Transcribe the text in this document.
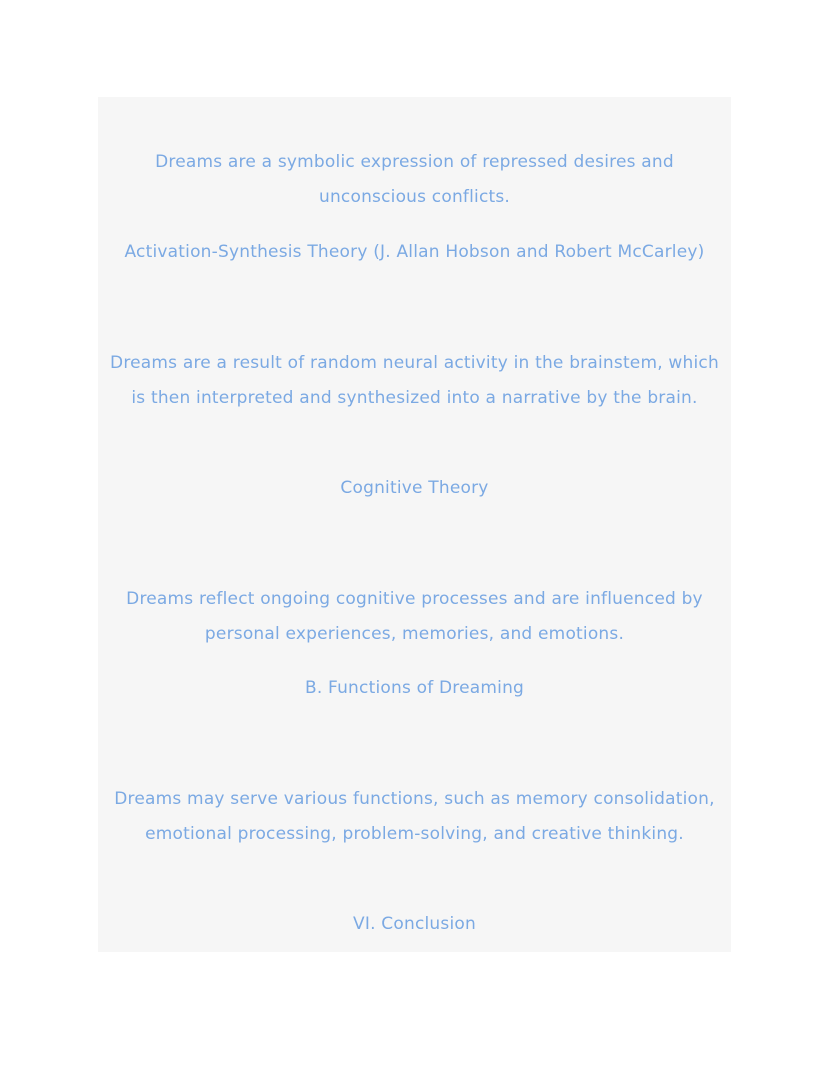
Dreams are a symbolic expression of repressed desires and unconscious conflicts.

Activation-Synthesis Theory (J. Allan Hobson and Robert McCarley)

Dreams are a result of random neural activity in the brainstem, which is then interpreted and synthesized into a narrative by the brain.

Cognitive Theory

Dreams reflect ongoing cognitive processes and are influenced by personal experiences, memories, and emotions.

B. Functions of Dreaming

Dreams may serve various functions, such as memory consolidation, emotional processing, problem-solving, and creative thinking.

VI. Conclusion
